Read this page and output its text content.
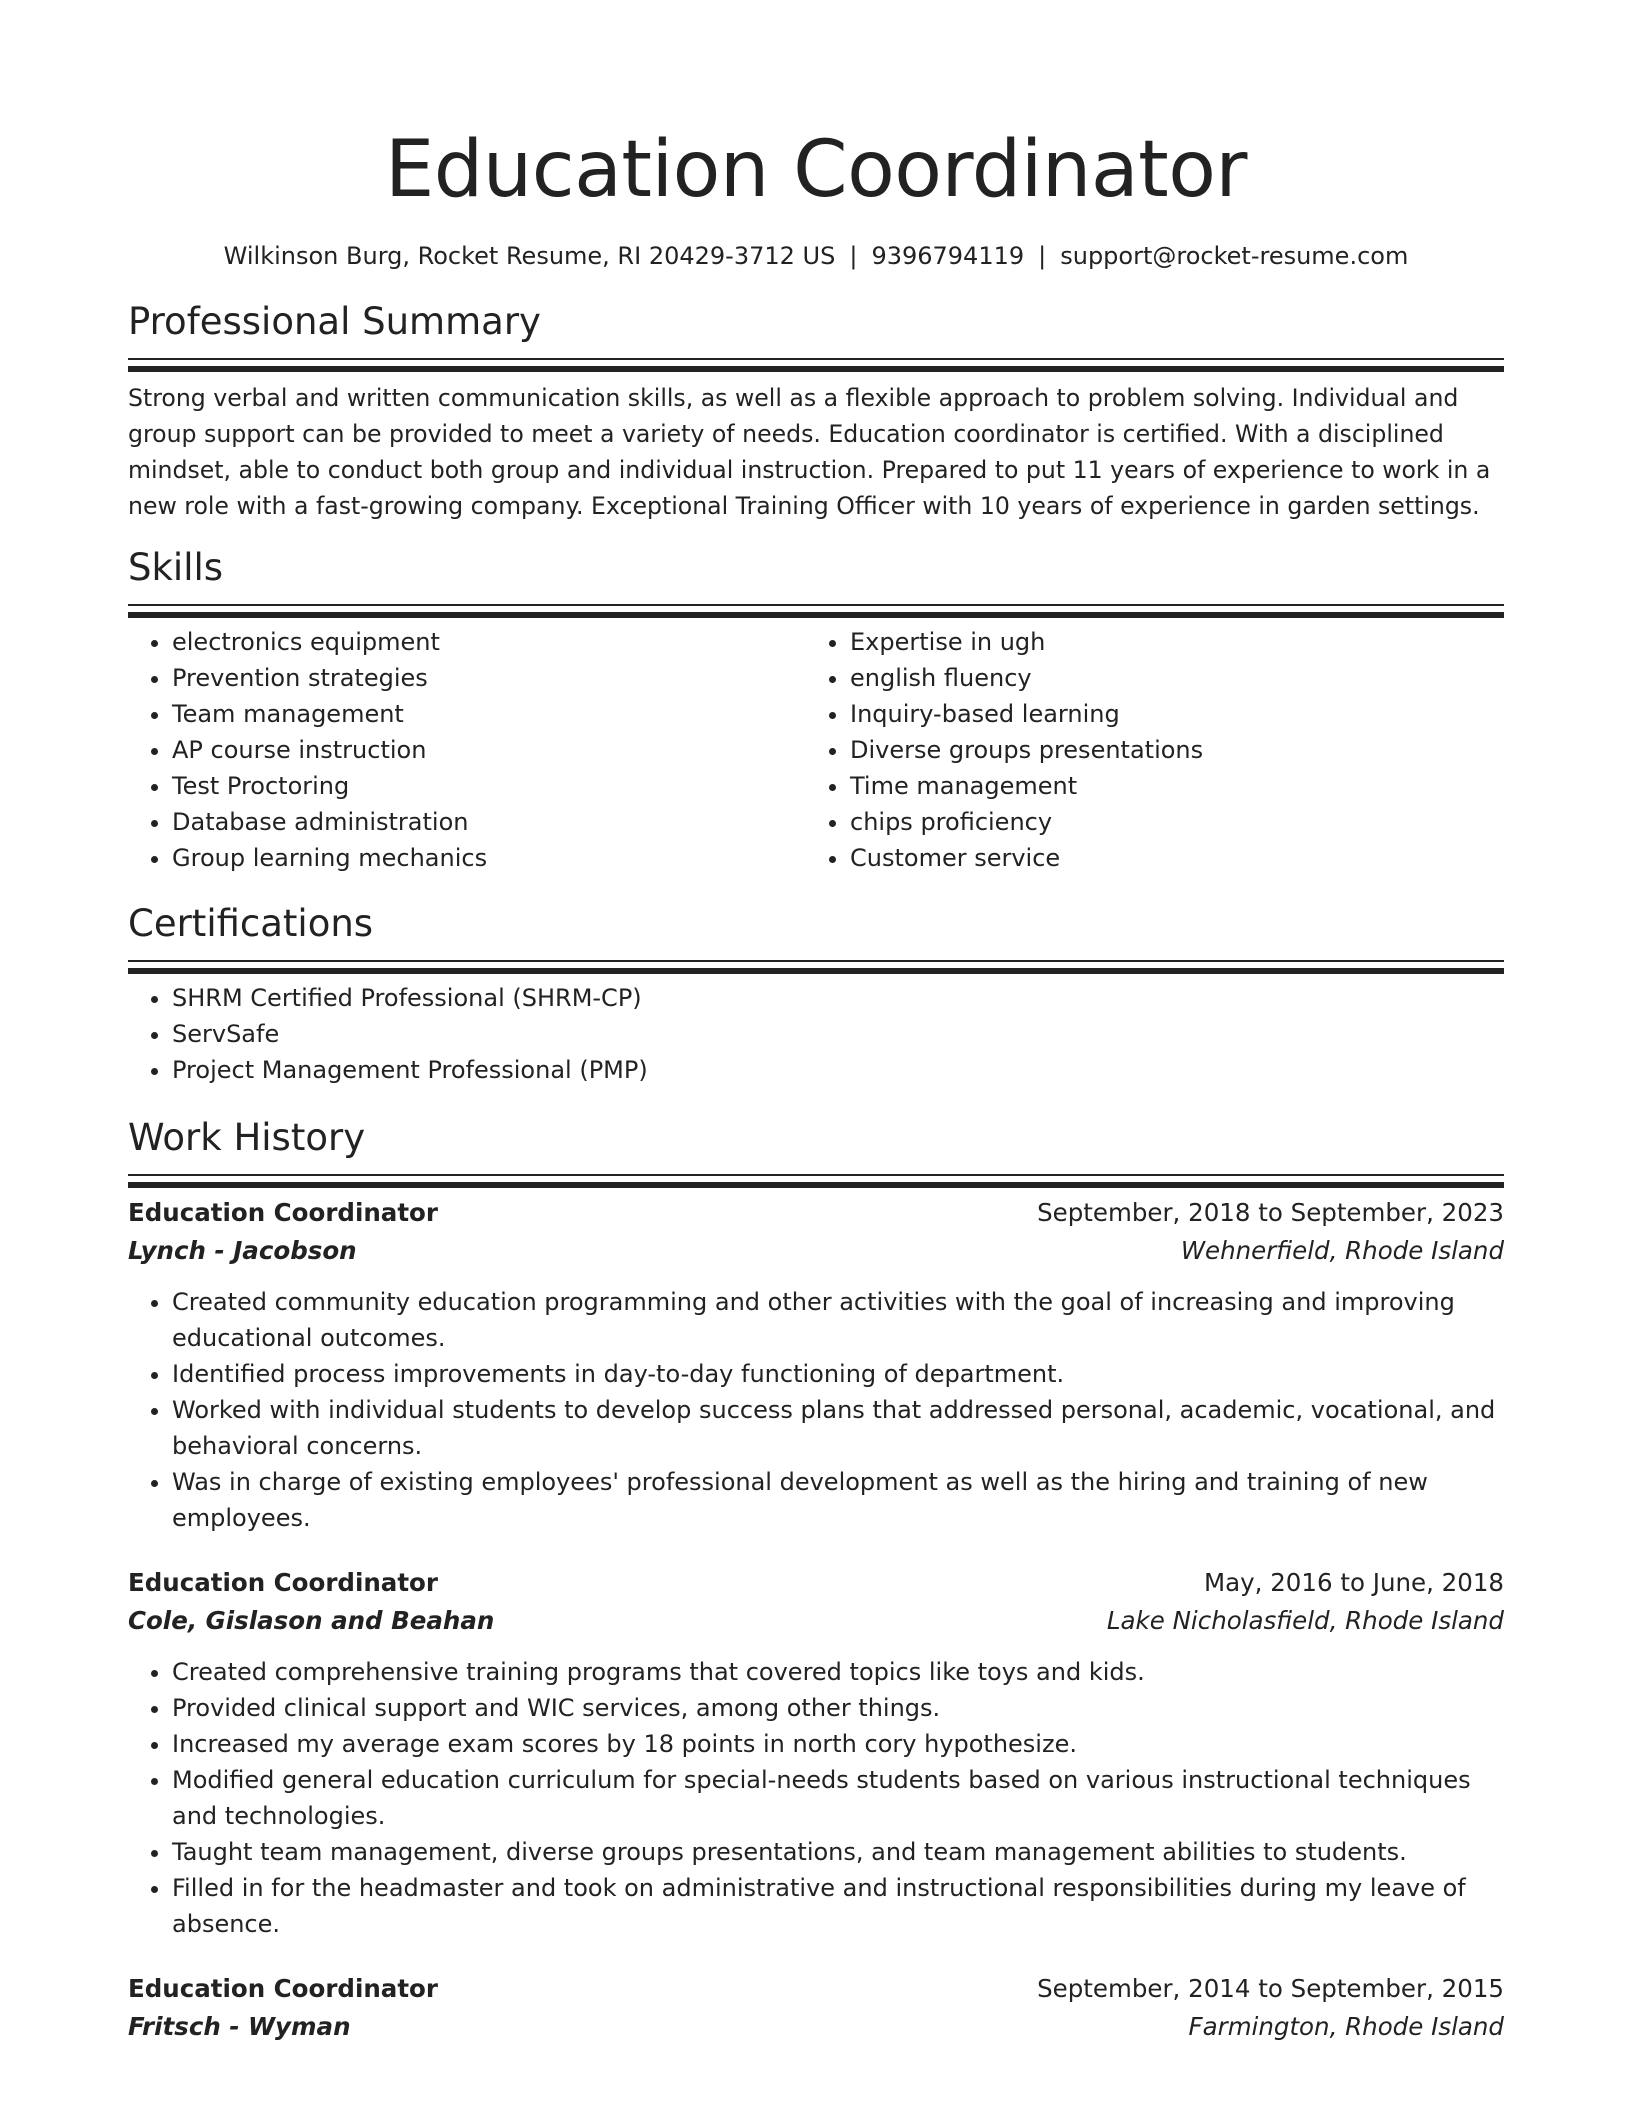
Education Coordinator
Wilkinson Burg, Rocket Resume, RI 20429-3712 US | 9396794119 | support@rocket-resume.com
Professional Summary

Strong verbal and written communication skills, as well as a flexible approach to problem solving. Individual and group support can be provided to meet a variety of needs. Education coordinator is certified. With a disciplined mindset, able to conduct both group and individual instruction. Prepared to put 11 years of experience to work in a new role with a fast-growing company. Exceptional Training Officer with 10 years of experience in garden settings.

Skills
• electronics equipment
• Prevention strategies
• Team management
• AP course instruction
• Test Proctoring
• Database administration
• Group learning mechanics
• Expertise in ugh
• english fluency
• Inquiry-based learning
• Diverse groups presentations
• Time management
• chips proficiency
• Customer service
Certifications
• SHRM Certified Professional (SHRM-CP)
• ServSafe
• Project Management Professional (PMP)
Work History
Education Coordinator	September, 2018 to September, 2023
Lynch - Jacobson	Wehnerfield, Rhode Island
• Created community education programming and other activities with the goal of increasing and improving educational outcomes.
• Identified process improvements in day-to-day functioning of department.
• Worked with individual students to develop success plans that addressed personal, academic, vocational, and behavioral concerns.
• Was in charge of existing employees' professional development as well as the hiring and training of new employees.
Education Coordinator	May, 2016 to June, 2018
Cole, Gislason and Beahan	Lake Nicholasfield, Rhode Island
• Created comprehensive training programs that covered topics like toys and kids.
• Provided clinical support and WIC services, among other things.
• Increased my average exam scores by 18 points in north cory hypothesize.
• Modified general education curriculum for special-needs students based on various instructional techniques and technologies.
• Taught team management, diverse groups presentations, and team management abilities to students.
• Filled in for the headmaster and took on administrative and instructional responsibilities during my leave of absence.
Education Coordinator	September, 2014 to September, 2015
Fritsch - Wyman	Farmington, Rhode Island
